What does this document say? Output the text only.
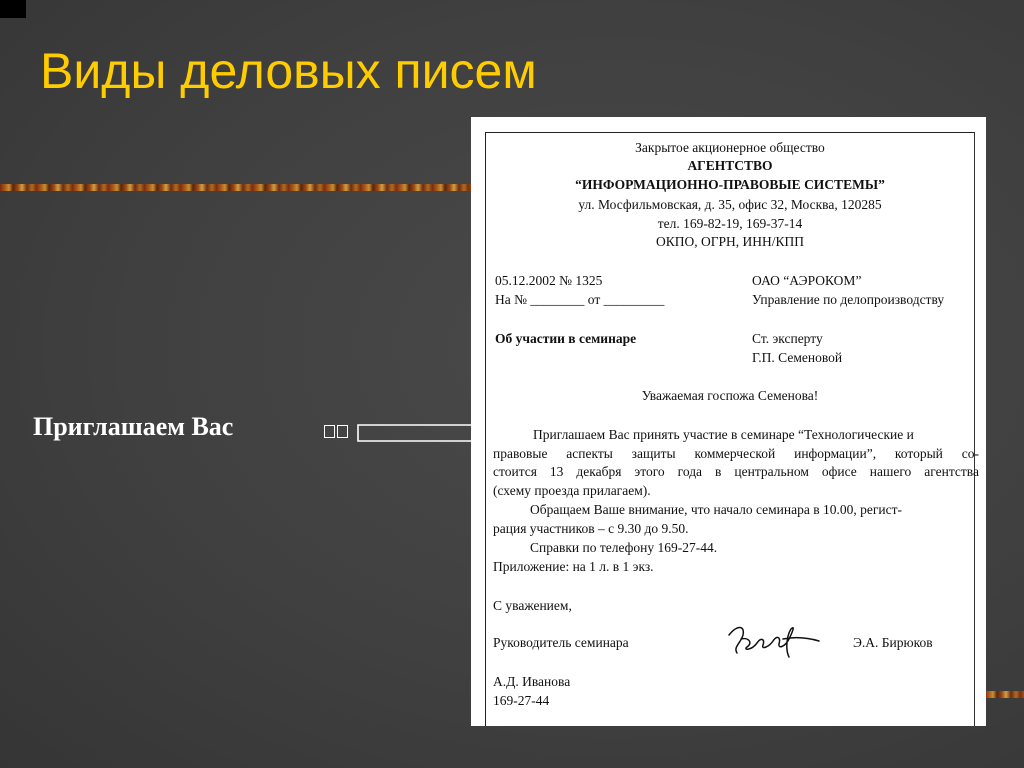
Виды деловых писем

Приглашаем Вас

Закрытое акционерное общество

АГЕНТСТВО

“ИНФОРМАЦИОННО-ПРАВОВЫЕ СИСТЕМЫ”

ул. Мосфильмовская, д. 35, офис 32, Москва, 120285

тел. 169-82-19, 169-37-14

ОКПО, ОГРН, ИНН/КПП

05.12.2002 № 1325

На № ________ от _________

Об участии в семинаре

ОАО “АЭРОКОМ”

Управление по делопроизводству

Ст. эксперту

Г.П. Семеновой

Уважаемая госпожа Семенова!

Приглашаем Вас принять участие в семинаре “Технологические и

правовые аспекты защиты коммерческой информации”, который со-

стоится 13 декабря этого года в центральном офисе нашего агентства

(схему проезда прилагаем).

Обращаем Ваше внимание, что начало семинара в 10.00, регист-

рация участников – с 9.30 до 9.50.

Справки по телефону 169-27-44.

Приложение: на 1 л. в 1 экз.

С уважением,

Руководитель семинара	Э.А. Бирюков

А.Д. Иванова

169-27-44
